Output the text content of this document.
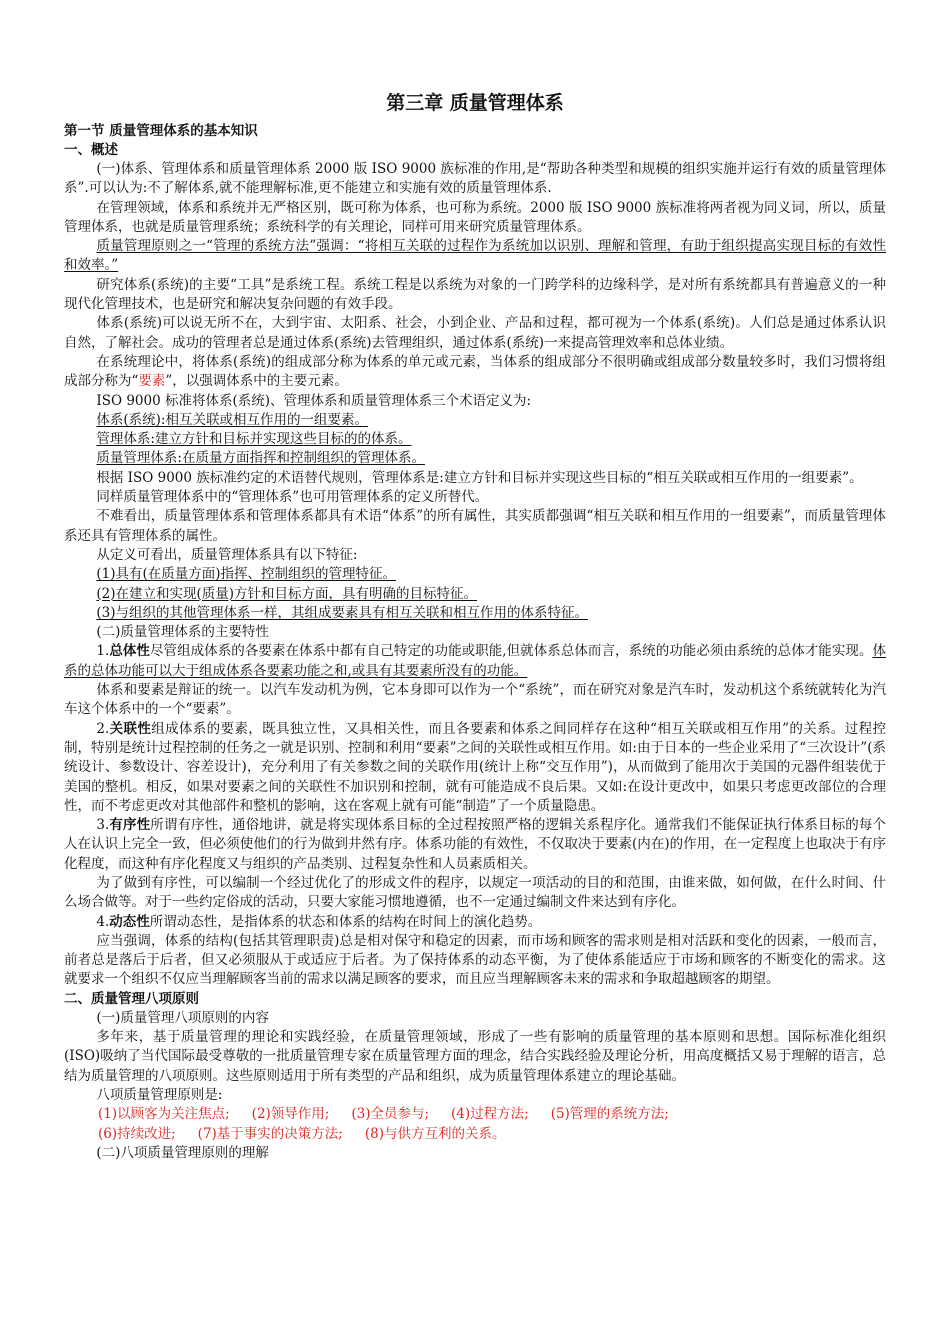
第三章 质量管理体系
第一节 质量管理体系的基本知识
一、概述

(一)体系、管理体系和质量管理体系 2000 版 ISO 9000 族标准的作用,是“帮助各种类型和规模的组织实施并运行有效的质量管理体系”.可以认为:不了解体系,就不能理解标准,更不能建立和实施有效的质量管理体系.

在管理领域，体系和系统并无严格区别，既可称为体系，也可称为系统。2000 版 ISO 9000 族标准将两者视为同义词，所以，质量管理体系，也就是质量管理系统；系统科学的有关理论，同样可用来研究质量管理体系。

质量管理原则之一“管理的系统方法”强调：“将相互关联的过程作为系统加以识别、理解和管理，有助于组织提高实现目标的有效性和效率。”

研究体系(系统)的主要“工具”是系统工程。系统工程是以系统为对象的一门跨学科的边缘科学，是对所有系统都具有普遍意义的一种现代化管理技术，也是研究和解决复杂问题的有效手段。

体系(系统)可以说无所不在，大到宇宙、太阳系、社会，小到企业、产品和过程，都可视为一个体系(系统)。人们总是通过体系认识自然，了解社会。成功的管理者总是通过体系(系统)去管理组织，通过体系(系统)一来提高管理效率和总体业绩。

在系统理论中，将体系(系统)的组成部分称为体系的单元或元素，当体系的组成部分不很明确或组成部分数量较多时，我们习惯将组成部分称为“要素”，以强调体系中的主要元素。

ISO 9000 标准将体系(系统)、管理体系和质量管理体系三个术语定义为:

体系(系统):相互关联或相互作用的一组要素。

管理体系:建立方针和目标并实现这些目标的的体系。

质量管理体系:在质量方面指挥和控制组织的管理体系。

根据 ISO 9000 族标准约定的术语替代规则，管理体系是:建立方针和目标并实现这些目标的“相互关联或相互作用的一组要素”。

同样质量管理体系中的“管理体系”也可用管理体系的定义所替代。

不难看出，质量管理体系和管理体系都具有术语“体系”的所有属性，其实质都强调“相互关联和相互作用的一组要素”，而质量管理体系还具有管理体系的属性。

从定义可看出，质量管理体系具有以下特征:

(1)具有(在质量方面)指挥、控制组织的管理特征。

(2)在建立和实现(质量)方针和目标方面，具有明确的目标特征。

(3)与组织的其他管理体系一样，其组成要素具有相互关联和相互作用的体系特征。

(二)质量管理体系的主要特性

1.总体性尽管组成体系的各要素在体系中都有自己特定的功能或职能,但就体系总体而言，系统的功能必须由系统的总体才能实现。体系的总体功能可以大于组成体系各要素功能之和,或具有其要素所没有的功能。

体系和要素是辩证的统一。以汽车发动机为例，它本身即可以作为一个“系统”，而在研究对象是汽车时，发动机这个系统就转化为汽车这个体系中的一个“要素”。

2.关联性组成体系的要素，既具独立性，又具相关性，而且各要素和体系之间同样存在这种“相互关联或相互作用”的关系。过程控制，特别是统计过程控制的任务之一就是识别、控制和利用“要素”之间的关联性或相互作用。如:由于日本的一些企业采用了“三次设计”(系统设计、参数设计、容差设计)，充分利用了有关参数之间的关联作用(统计上称“交互作用”)，从而做到了能用次于美国的元器件组装优于美国的整机。相反，如果对要素之间的关联性不加识别和控制，就有可能造成不良后果。又如:在设计更改中，如果只考虑更改部位的合理性，而不考虑更改对其他部件和整机的影响，这在客观上就有可能“制造”了一个质量隐患。

3.有序性所谓有序性，通俗地讲，就是将实现体系目标的全过程按照严格的逻辑关系程序化。通常我们不能保证执行体系目标的每个人在认识上完全一致，但必须使他们的行为做到井然有序。体系功能的有效性，不仅取决于要素(内在)的作用，在一定程度上也取决于有序化程度，而这种有序化程度又与组织的产品类别、过程复杂性和人员素质相关。

为了做到有序性，可以编制一个经过优化了的形成文件的程序，以规定一项活动的目的和范围，由谁来做，如何做，在什么时间、什么场合做等。对于一些约定俗成的活动，只要大家能习惯地遵循，也不一定通过编制文件来达到有序化。

4.动态性所谓动态性，是指体系的状态和体系的结构在时间上的演化趋势。

应当强调，体系的结构(包括其管理职责)总是相对保守和稳定的因素，而市场和顾客的需求则是相对活跃和变化的因素，一般而言，前者总是落后于后者，但又必须服从于或适应于后者。为了保持体系的动态平衡，为了使体系能适应于市场和顾客的不断变化的需求。这就要求一个组织不仅应当理解顾客当前的需求以满足顾客的要求，而且应当理解顾客未来的需求和争取超越顾客的期望。

二、质量管理八项原则

(一)质量管理八项原则的内容

多年来，基于质量管理的理论和实践经验，在质量管理领域，形成了一些有影响的质量管理的基本原则和思想。国际标准化组织(ISO)吸纳了当代国际最受尊敬的一批质量管理专家在质量管理方面的理念，结合实践经验及理论分析，用高度概括又易于理解的语言，总结为质量管理的八项原则。这些原则适用于所有类型的产品和组织，成为质量管理体系建立的理论基础。

八项质量管理原则是:

(1)以顾客为关注焦点; (2)领导作用; (3)全员参与; (4)过程方法; (5)管理的系统方法;
(6)持续改进; (7)基于事实的决策方法; (8)与供方互利的关系。

(二)八项质量管理原则的理解
